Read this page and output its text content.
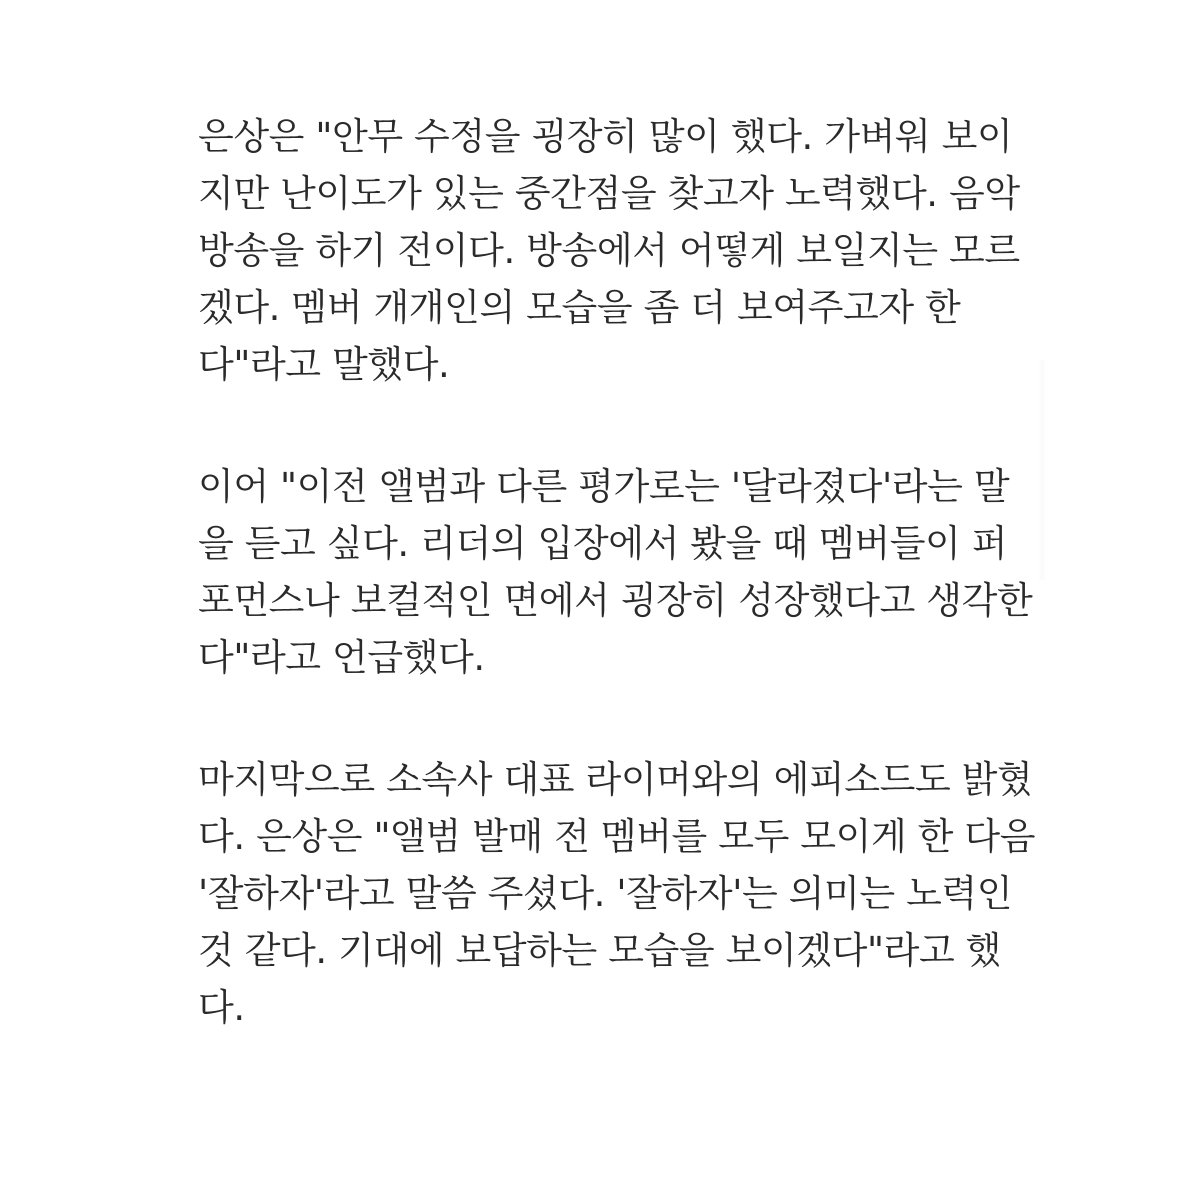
은상은 "안무 수정을 굉장히 많이 했다. 가벼워 보이
지만 난이도가 있는 중간점을 찾고자 노력했다. 음악
방송을 하기 전이다. 방송에서 어떻게 보일지는 모르
겠다. 멤버 개개인의 모습을 좀 더 보여주고자 한
다"라고 말했다.

이어 "이전 앨범과 다른 평가로는 '달라졌다'라는 말
을 듣고 싶다. 리더의 입장에서 봤을 때 멤버들이 퍼
포먼스나 보컬적인 면에서 굉장히 성장했다고 생각한
다"라고 언급했다.

마지막으로 소속사 대표 라이머와의 에피소드도 밝혔
다. 은상은 "앨범 발매 전 멤버를 모두 모이게 한 다음
'잘하자'라고 말씀 주셨다. '잘하자'는 의미는 노력인
것 같다. 기대에 보답하는 모습을 보이겠다"라고 했
다.
